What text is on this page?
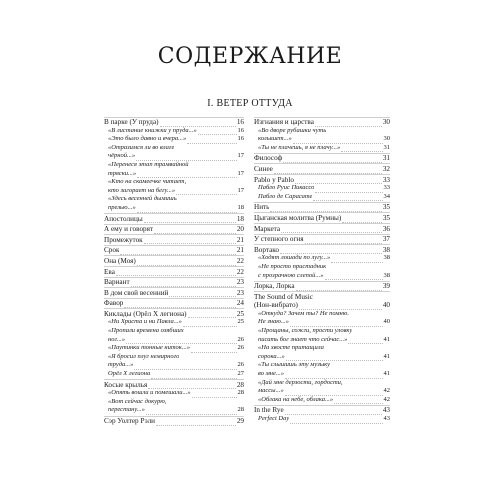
СОДЕРЖАНИЕ
I. ВЕТЕР ОТТУДА
В парке (У пруда)	16
«В листание книжки у пруда...»	16
«Это было давно и вчера...»	16
«Отразимся ли во влаге
чёрной...»	17
«Перенеся этап трамвайной
тряски...»	17
«Кто на скамеечке читает,
кто загорает на бегу...»	17
«Здесь весенней дымишь
прелью...»	18
Апостолицы	18
А ему и говорят	20
Промежуток	21
Срок	21
Она (Моя)	22
Ева	22
Вариант	23
В дом свой весенний	23
Фавор	24
Киклады (Орёл X легиона)	25
«Ни Христа и ни Павла...»	25
«Пропали времена озябших
ног...»	26
«Паутинки тонные ниток...»	26
«Я бросил плуг немирного
труда...»	26
Орёл X легиона	27
Косые крылья	28
«Опять вошли и помешали...»	28
«Вот сейчас докурю,
перестану...»	28
Сэр Уолтер Рэли	29
Изгнания и царства	30
«Во дворе рубашки чуть
колышет...»	30
«Ты не плачешь, я не плачу...»	31
Философ	31
Синее	32
Pablo y Pablo	33
Пабло Руис Пикассо	33
Пабло де Сарасате	34
Нить	35
Цыганская молитва (Румны)	35
Маркета	36
У степного огня	37
Вортако	38
«Ходят лошади по лугу...»	38
«Не просто пристадник
с прозрачною слепой...»	38
Лорка, Лорка	39
The Sound of Music
(Нон-вибрато)	40
«Откуда? Зачем ты? Не помню.
Не знаю...»	40
«Прощаны, сожги, прости уловку
писать бог знает что сейчас...»	41
«На хвосте притащила
сорока...»	41
«Ты слышишь эту музыку
во мне...»	41
«Дай мне дерзости, гордости,
массы...»	42
«Облака на небе, облака...»	42
In the Rye	43
Perfect Day	43
